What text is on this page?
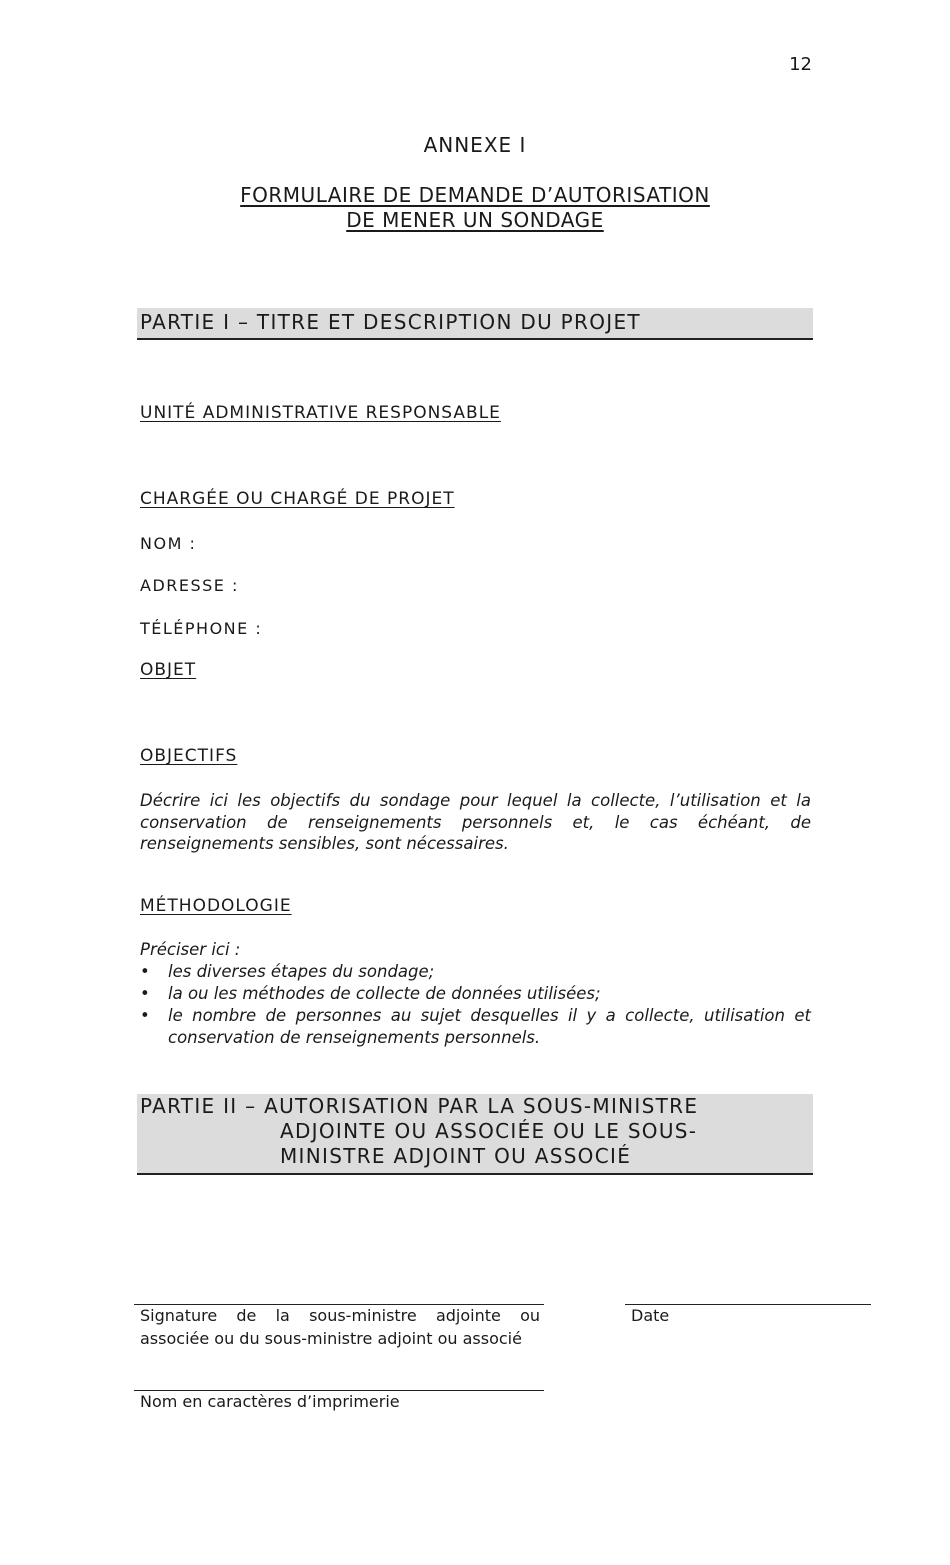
12
ANNEXE I
FORMULAIRE DE DEMANDE D’AUTORISATION
DE MENER UN SONDAGE
PARTIE I – TITRE ET DESCRIPTION DU PROJET
UNITÉ ADMINISTRATIVE RESPONSABLE
CHARGÉE OU CHARGÉ DE PROJET
NOM :
ADRESSE :
TÉLÉPHONE :
OBJET
OBJECTIFS
Décrire ici les objectifs du sondage pour lequel la collecte, l’utilisation et la conservation de renseignements personnels et, le cas échéant, de renseignements sensibles, sont nécessaires.
MÉTHODOLOGIE
Préciser ici :
• les diverses étapes du sondage;
• la ou les méthodes de collecte de données utilisées;
• le nombre de personnes au sujet desquelles il y a collecte, utilisation et conservation de renseignements personnels.
PARTIE II – AUTORISATION PAR LA SOUS-MINISTRE
ADJOINTE OU ASSOCIÉE OU LE SOUS-
MINISTRE ADJOINT OU ASSOCIÉ
Signature de la sous-ministre adjointe ou associée ou du sous-ministre adjoint ou associé
Date
Nom en caractères d’imprimerie
